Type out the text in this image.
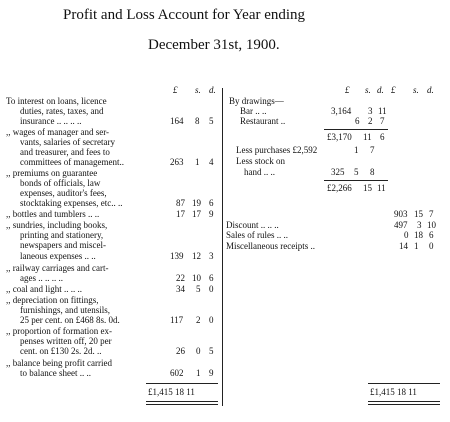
Profit and Loss Account for Year ending
December 31st, 1900.
£ s. d.	£ s. d. £ s. d.
To interest on loans, licence
duties, rates, taxes, and
insurance .. .. .. ..	164 8 5
,, wages of manager and ser-
vants, salaries of secretary
and treasurer, and fees to
committees of management..	263 1 4
,, premiums on guarantee
bonds of officials, law
expenses, auditor's fees,
stocktaking expenses, etc.. ..	87 19 6
,, bottles and tumblers .. ..	17 17 9
,, sundries, including books,
printing and stationery,
newspapers and miscel-
laneous expenses .. ..	139 12 3
,, railway carriages and cart-
ages .. .. .. ..	22 10 6
,, coal and light .. .. ..	34 5 0
,, depreciation on fittings,
furnishings, and utensils,
25 per cent. on £468 8s. 0d.	117 2 0
,, proportion of formation ex-
penses written off, 20 per
cent. on £130 2s. 2d. ..	26 0 5
,, balance being profit carried
to balance sheet .. ..	602 1 9
£1,415 18 11
By drawings—
Bar .. ..	3,164 3 11
Restaurant ..	6 2 7
£3,170 11 6
Less purchases £2,592	1 7
Less stock on
hand .. ..	325 5 8
£2,266 15 11
903 15 7
Discount .. .. ..	497 3 10
Sales of rules .. ..	0 18 6
Miscellaneous receipts ..	14 1 0
£1,415 18 11
